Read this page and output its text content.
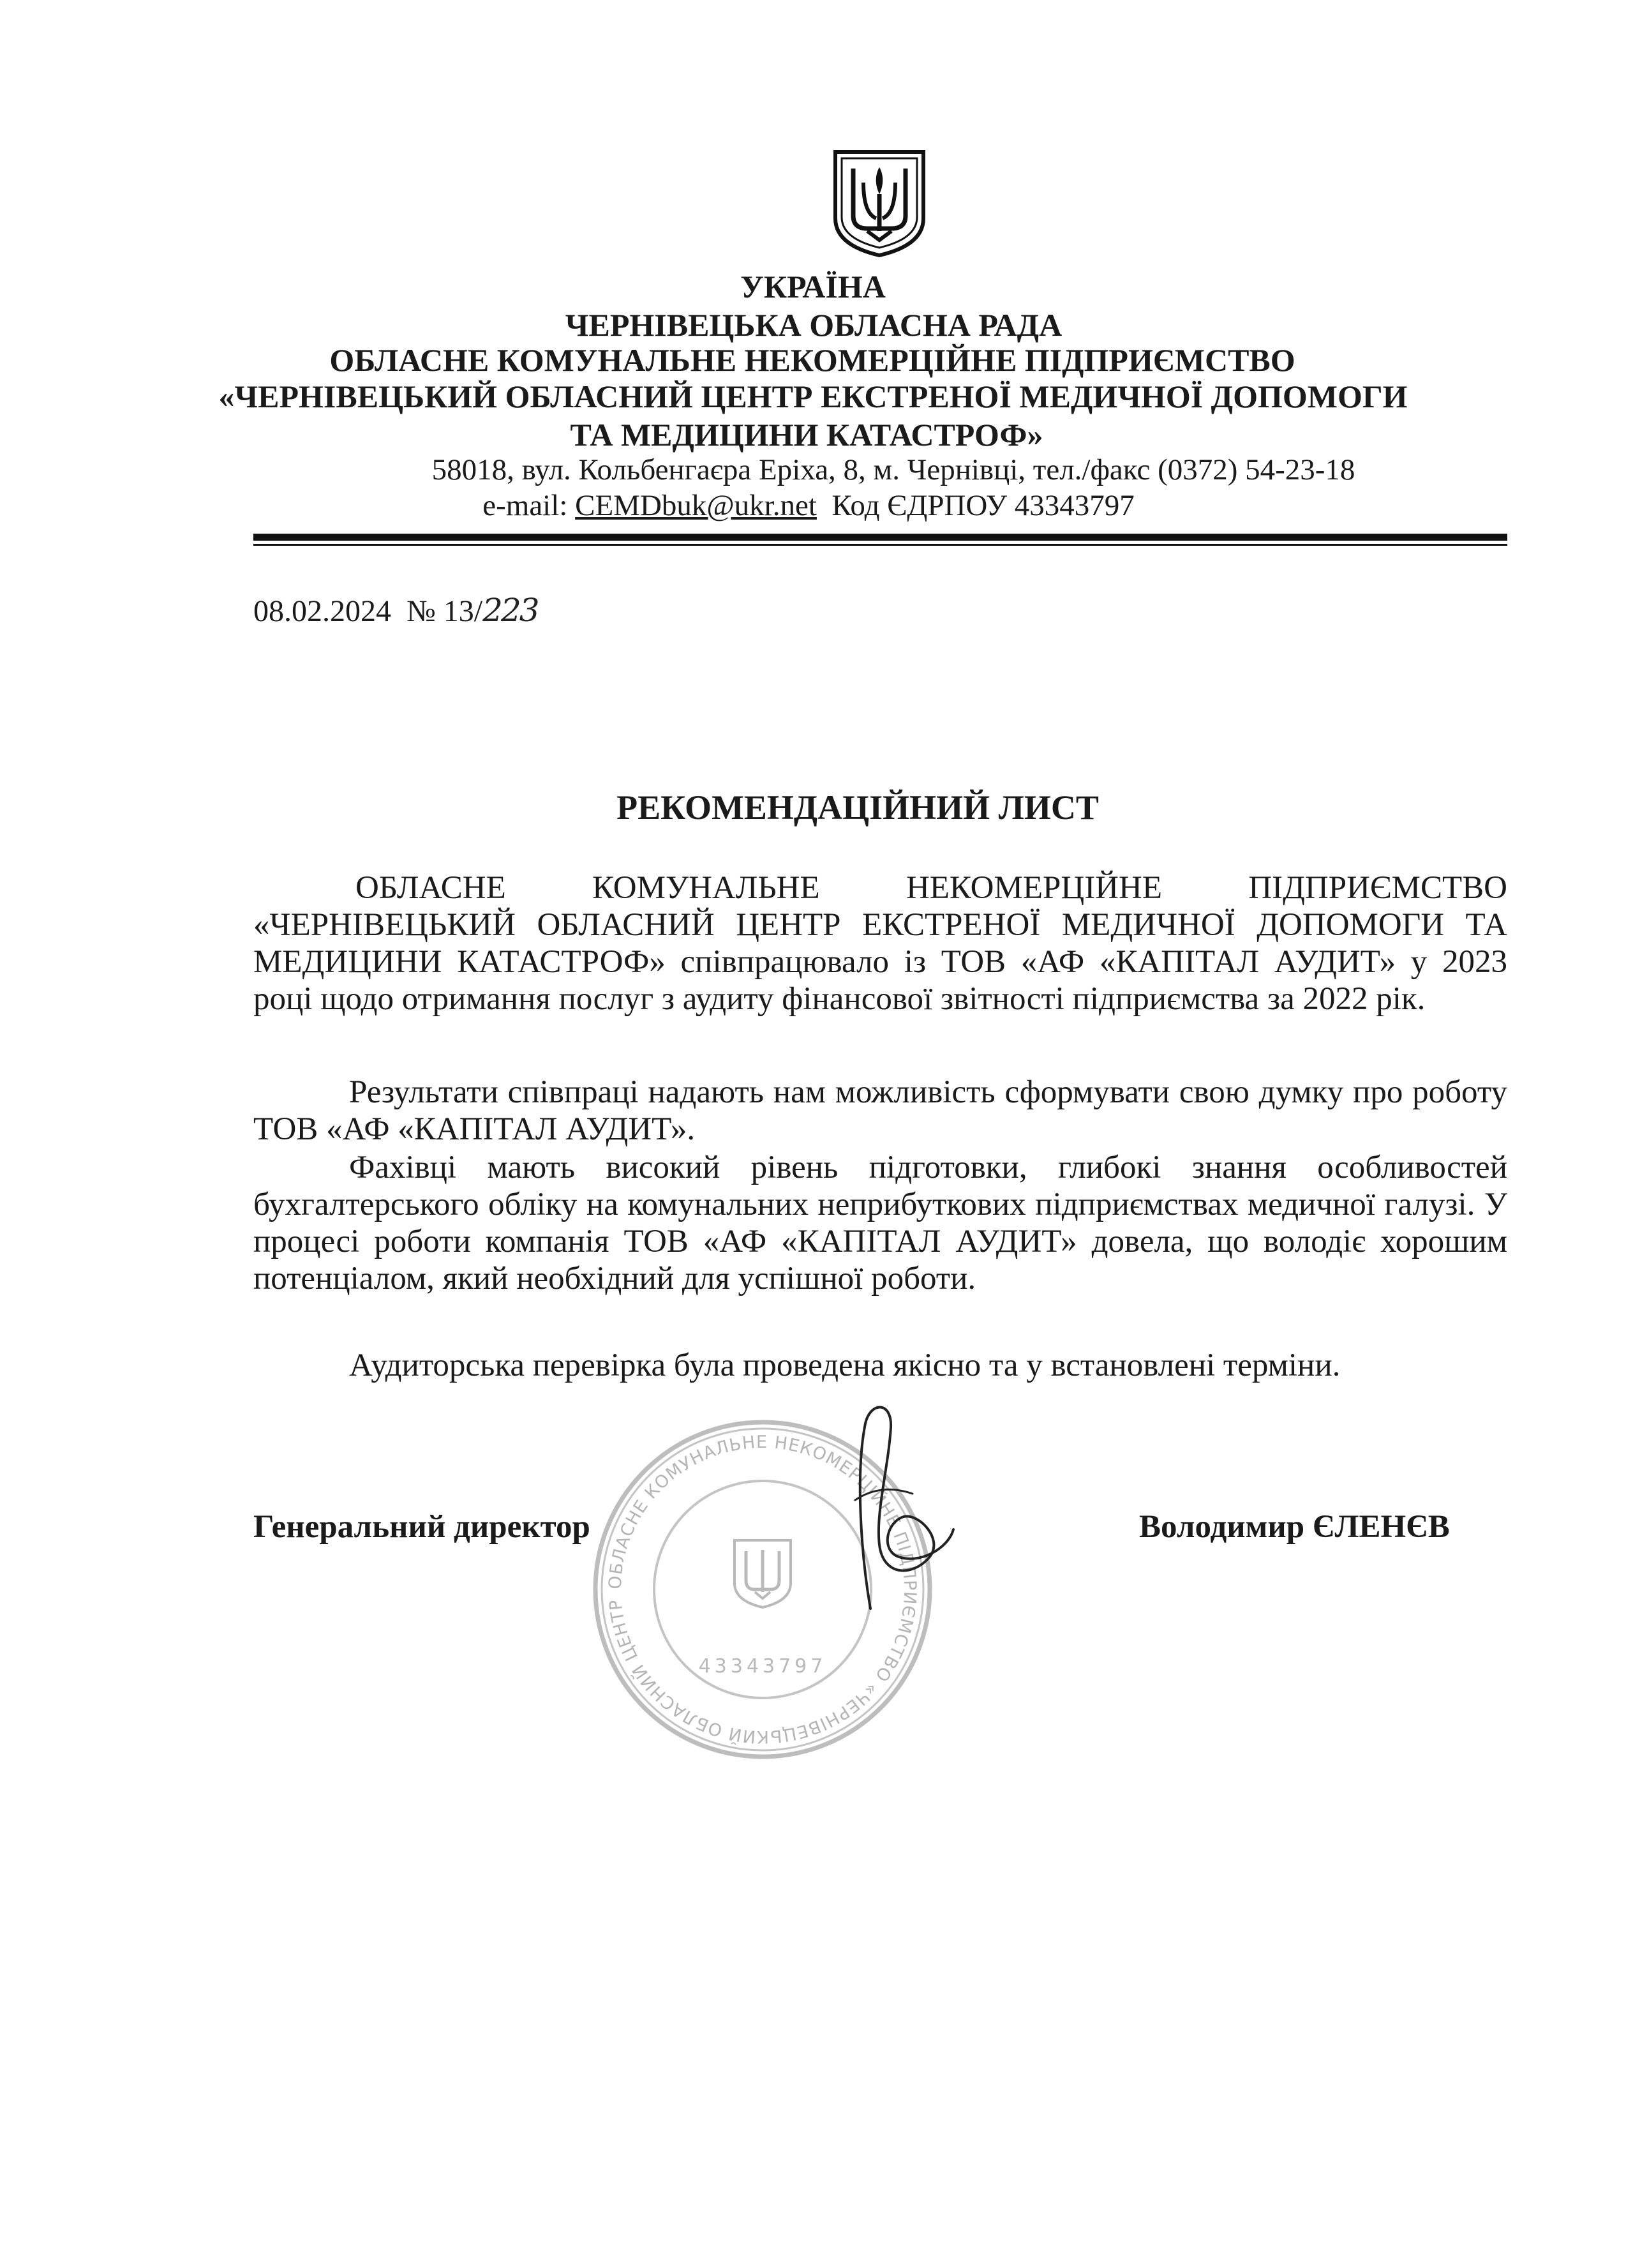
УКРАЇНА
ЧЕРНІВЕЦЬКА ОБЛАСНА РАДА
ОБЛАСНЕ КОМУНАЛЬНЕ НЕКОМЕРЦІЙНЕ ПІДПРИЄМСТВО
«ЧЕРНІВЕЦЬКИЙ ОБЛАСНИЙ ЦЕНТР ЕКСТРЕНОЇ МЕДИЧНОЇ ДОПОМОГИ
ТА МЕДИЦИНИ КАТАСТРОФ»
58018, вул. Кольбенгаєра Еріха, 8, м. Чернівці, тел./факс (0372) 54-23-18
e-mail: CEMDbuk@ukr.net Код ЄДРПОУ 43343797
08.02.2024 № 13/223
РЕКОМЕНДАЦІЙНИЙ ЛИСТ
ОБЛАСНЕ КОМУНАЛЬНЕ НЕКОМЕРЦІЙНЕ ПІДПРИЄМСТВО
«ЧЕРНІВЕЦЬКИЙ ОБЛАСНИЙ ЦЕНТР ЕКСТРЕНОЇ МЕДИЧНОЇ ДОПОМОГИ ТА МЕДИЦИНИ КАТАСТРОФ» співпрацювало із ТОВ «АФ «КАПІТАЛ АУДИТ» у 2023 році щодо отримання послуг з аудиту фінансової звітності підприємства за 2022 рік.
Результати співпраці надають нам можливість сформувати свою думку про роботу ТОВ «АФ «КАПІТАЛ АУДИТ».
Фахівці мають високий рівень підготовки, глибокі знання особливостей бухгалтерського обліку на комунальних неприбуткових підприємствах медичної галузі. У процесі роботи компанія ТОВ «АФ «КАПІТАЛ АУДИТ» довела, що володіє хорошим потенціалом, який необхідний для успішної роботи.
Аудиторська перевірка була проведена якісно та у встановлені терміни.
ОБЛАСНЕ КОМУНАЛЬНЕ НЕКОМЕРЦІЙНЕ ПІДПРИЄМСТВО «ЧЕРНІВЕЦЬКИЙ ОБЛАСНИЙ ЦЕНТР
43343797
Генеральний директор	Володимир ЄЛЕНЄВ
